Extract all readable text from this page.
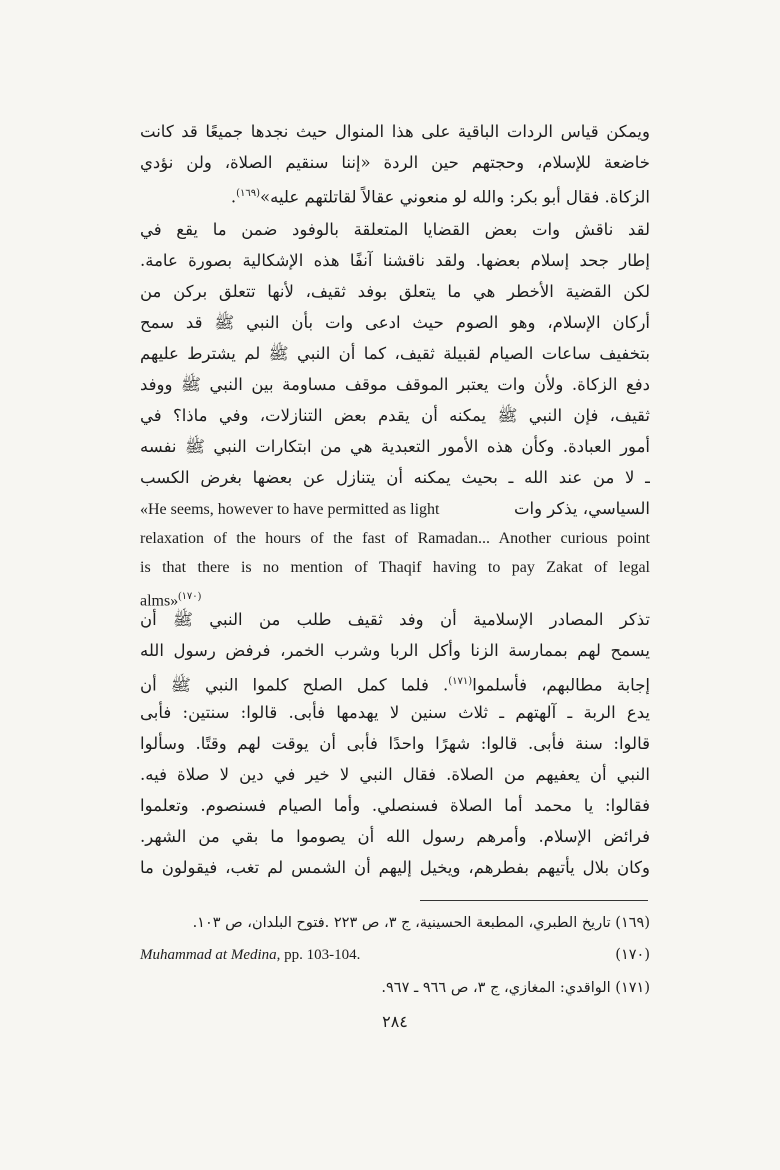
ويمكن قياس الردات الباقية على هذا المنوال حيث نجدها جميعًا قد كانت
خاضعة للإسلام، وحجتهم حين الردة «إننا سنقيم الصلاة، ولن نؤدي
الزكاة. فقال أبو بكر: والله لو منعوني عقالاً لقاتلتهم عليه»$^{(١٦٩)}$.
لقد ناقش وات بعض القضايا المتعلقة بالوفود ضمن ما يقع في
إطار جحد إسلام بعضها. ولقد ناقشنا آنفًا هذه الإشكالية بصورة عامة.
لكن القضية الأخطر هي ما يتعلق بوفد ثقيف، لأنها تتعلق بركن من
أركان الإسلام، وهو الصوم حيث ادعى وات بأن النبي ﷺ قد سمح
بتخفيف ساعات الصيام لقبيلة ثقيف، كما أن النبي ﷺ لم يشترط عليهم
دفع الزكاة. ولأن وات يعتبر الموقف موقف مساومة بين النبي ﷺ ووفد
ثقيف، فإن النبي ﷺ يمكنه أن يقدم بعض التنازلات، وفي ماذا؟ في
أمور العبادة. وكأن هذه الأمور التعبدية هي من ابتكارات النبي ﷺ نفسه
ـ لا من عند الله ـ بحيث يمكنه أن يتنازل عن بعضها بغرض الكسب
«He seems, however to have permitted as light	السياسي، يذكر وات
relaxation of the hours of the fast of Ramadan... Another curious point
is that there is no mention of Thaqif having to pay Zakat of legal
alms»$^{(١٧٠)}$
تذكر المصادر الإسلامية أن وفد ثقيف طلب من النبي ﷺ أن
يسمح لهم بممارسة الزنا وأكل الربا وشرب الخمر، فرفض رسول الله
إجابة مطالبهم، فأسلموا$^{(١٧١)}$. فلما كمل الصلح كلموا النبي ﷺ أن
يدع الربة ـ آلهتهم ـ ثلاث سنين لا يهدمها فأبى. قالوا: سنتين: فأبى
قالوا: سنة فأبى. قالوا: شهرًا واحدًا فأبى أن يوقت لهم وقتًا. وسألوا
النبي أن يعفيهم من الصلاة. فقال النبي لا خير في دين لا صلاة فيه.
فقالوا: يا محمد أما الصلاة فسنصلي. وأما الصيام فسنصوم. وتعلموا
فرائض الإسلام. وأمرهم رسول الله أن يصوموا ما بقي من الشهر.
وكان بلال يأتيهم بفطرهم، ويخيل إليهم أن الشمس لم تغب، فيقولون ما
(١٦٩) تاريخ الطبري، المطبعة الحسينية، ج ٣، ص ٢٢٣ .فتوح البلدان، ص ١٠٣.
Muhammad at Medina, pp. 103-104.	(١٧٠)
(١٧١) الواقدي: المغازي، ج ٣، ص ٩٦٦ ـ ٩٦٧.
٢٨٤
